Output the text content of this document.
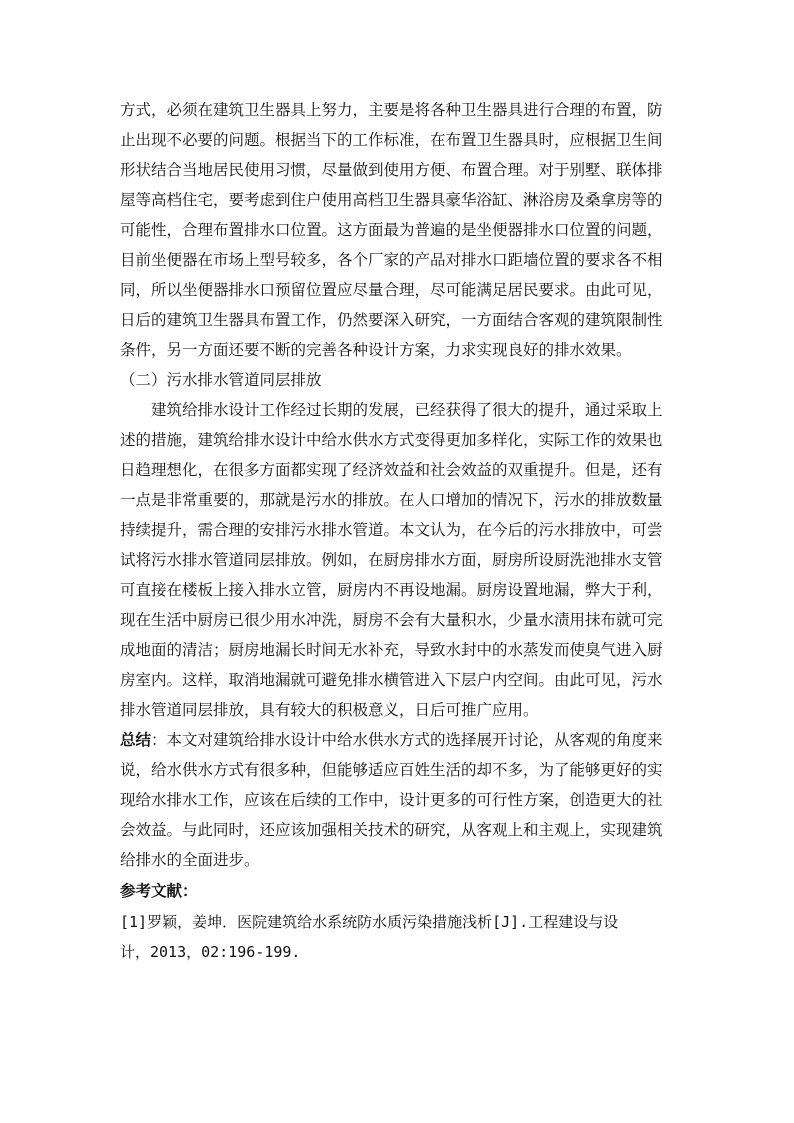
方式，必须在建筑卫生器具上努力，主要是将各种卫生器具进行合理的布置，防
止出现不必要的问题。根据当下的工作标准，在布置卫生器具时，应根据卫生间
形状结合当地居民使用习惯，尽量做到使用方便、布置合理。对于别墅、联体排
屋等高档住宅，要考虑到住户使用高档卫生器具豪华浴缸、淋浴房及桑拿房等的
可能性，合理布置排水口位置。这方面最为普遍的是坐便器排水口位置的问题，
目前坐便器在市场上型号较多，各个厂家的产品对排水口距墙位置的要求各不相
同，所以坐便器排水口预留位置应尽量合理，尽可能满足居民要求。由此可见，
日后的建筑卫生器具布置工作，仍然要深入研究，一方面结合客观的建筑限制性
条件，另一方面还要不断的完善各种设计方案，力求实现良好的排水效果。
（二）污水排水管道同层排放
　　建筑给排水设计工作经过长期的发展，已经获得了很大的提升，通过采取上
述的措施，建筑给排水设计中给水供水方式变得更加多样化，实际工作的效果也
日趋理想化，在很多方面都实现了经济效益和社会效益的双重提升。但是，还有
一点是非常重要的，那就是污水的排放。在人口增加的情况下，污水的排放数量
持续提升，需合理的安排污水排水管道。本文认为，在今后的污水排放中，可尝
试将污水排水管道同层排放。例如，在厨房排水方面，厨房所设厨洗池排水支管
可直接在楼板上接入排水立管，厨房内不再设地漏。厨房设置地漏，弊大于利，
现在生活中厨房已很少用水冲洗，厨房不会有大量积水，少量水渍用抹布就可完
成地面的清洁；厨房地漏长时间无水补充，导致水封中的水蒸发而使臭气进入厨
房室内。这样，取消地漏就可避免排水横管进入下层户内空间。由此可见，污水
排水管道同层排放，具有较大的积极意义，日后可推广应用。
总结：本文对建筑给排水设计中给水供水方式的选择展开讨论，从客观的角度来
说，给水供水方式有很多种，但能够适应百姓生活的却不多，为了能够更好的实
现给水排水工作，应该在后续的工作中，设计更多的可行性方案，创造更大的社
会效益。与此同时，还应该加强相关技术的研究，从客观上和主观上，实现建筑
给排水的全面进步。
参考文献：
[1]罗颖，姜坤．医院建筑给水系统防水质污染措施浅析[J].工程建设与设
计，2013，02:196-199.
